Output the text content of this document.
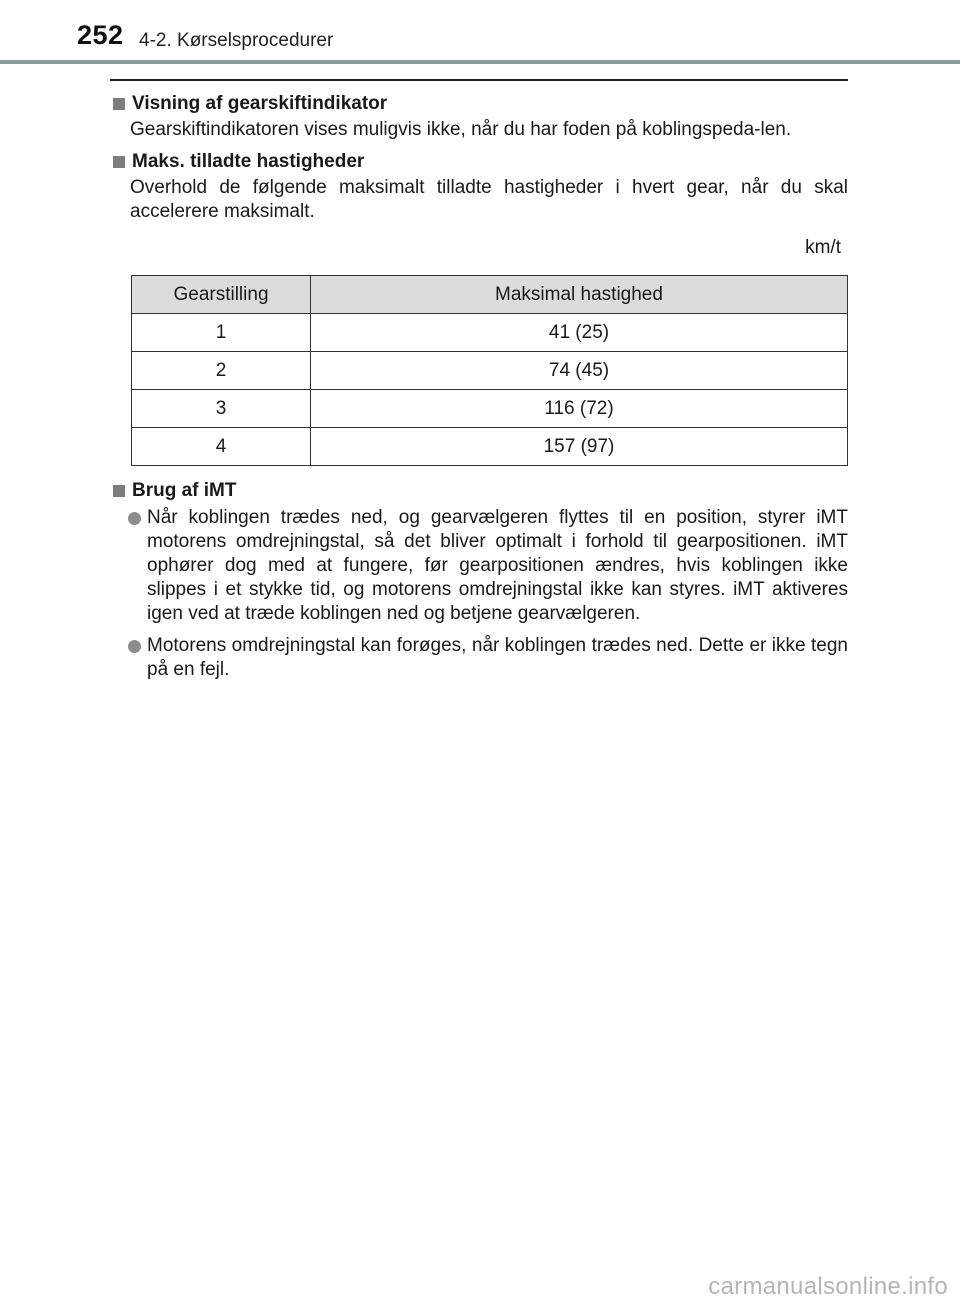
252 4-2. Kørselsprocedurer
Visning af gearskiftindikator
Gearskiftindikatoren vises muligvis ikke, når du har foden på koblingspeda-len.
Maks. tilladte hastigheder
Overhold de følgende maksimalt tilladte hastigheder i hvert gear, når du skal accelerere maksimalt.
km/t
Gearstilling	Maksimal hastighed
1	41 (25)
2	74 (45)
3	116 (72)
4	157 (97)
Brug af iMT
Når koblingen trædes ned, og gearvælgeren flyttes til en position, styrer iMT motorens omdrejningstal, så det bliver optimalt i forhold til gearpositionen. iMT ophører dog med at fungere, før gearpositionen ændres, hvis koblingen ikke slippes i et stykke tid, og motorens omdrejningstal ikke kan styres. iMT aktiveres igen ved at træde koblingen ned og betjene gearvælgeren.
Motorens omdrejningstal kan forøges, når koblingen trædes ned. Dette er ikke tegn på en fejl.
carmanualsonline.info
